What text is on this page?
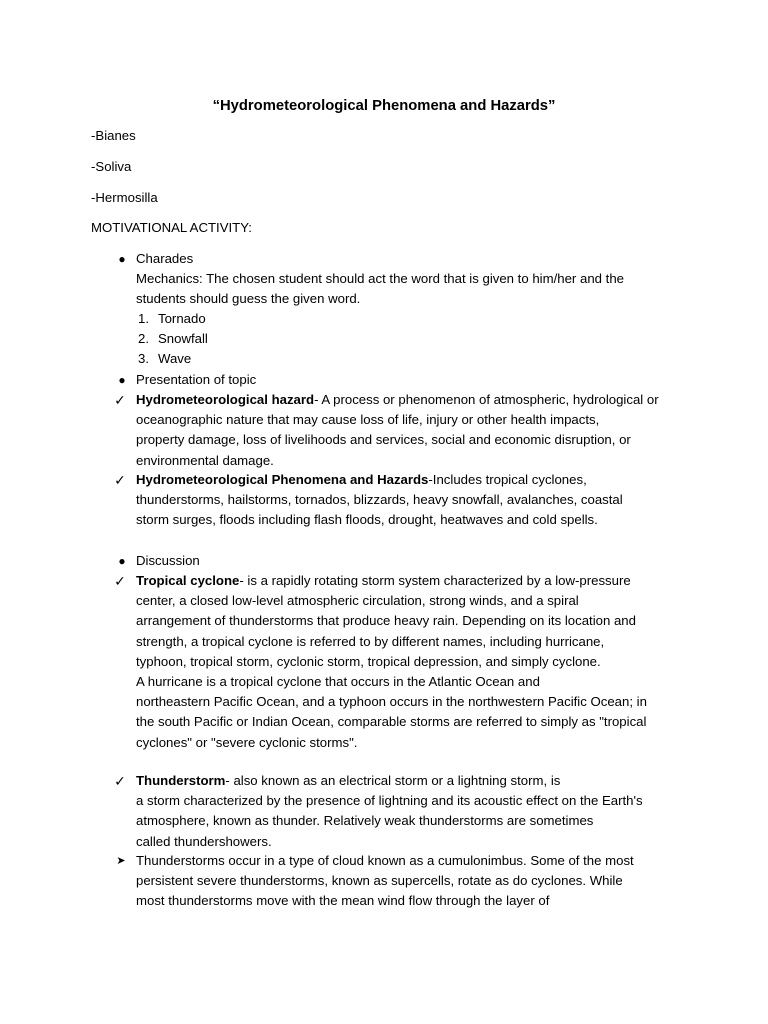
“Hydrometeorological Phenomena and Hazards”
-Bianes
-Soliva
-Hermosilla
MOTIVATIONAL ACTIVITY:
● Charades

Mechanics: The chosen student should act the word that is given to him/her and the

students should guess the given word.

1. Tornado
2. Snowfall
3. Wave
● Presentation of topic

✓ Hydrometeorological hazard- A process or phenomenon of atmospheric, hydrological or

oceanographic nature that may cause loss of life, injury or other health impacts,

property damage, loss of livelihoods and services, social and economic disruption, or

environmental damage.

✓ Hydrometeorological Phenomena and Hazards-Includes tropical cyclones,

thunderstorms, hailstorms, tornados, blizzards, heavy snowfall, avalanches, coastal

storm surges, floods including flash floods, drought, heatwaves and cold spells.

● Discussion

✓ Tropical cyclone- is a rapidly rotating storm system characterized by a low-pressure

center, a closed low-level atmospheric circulation, strong winds, and a spiral

arrangement of thunderstorms that produce heavy rain. Depending on its location and

strength, a tropical cyclone is referred to by different names, including hurricane,

typhoon, tropical storm, cyclonic storm, tropical depression, and simply cyclone.

A hurricane is a tropical cyclone that occurs in the Atlantic Ocean and

northeastern Pacific Ocean, and a typhoon occurs in the northwestern Pacific Ocean; in

the south Pacific or Indian Ocean, comparable storms are referred to simply as "tropical

cyclones" or "severe cyclonic storms".

✓ Thunderstorm- also known as an electrical storm or a lightning storm, is

a storm characterized by the presence of lightning and its acoustic effect on the Earth's

atmosphere, known as thunder. Relatively weak thunderstorms are sometimes

called thundershowers.

➤ Thunderstorms occur in a type of cloud known as a cumulonimbus. Some of the most

persistent severe thunderstorms, known as supercells, rotate as do cyclones. While

most thunderstorms move with the mean wind flow through the layer of
